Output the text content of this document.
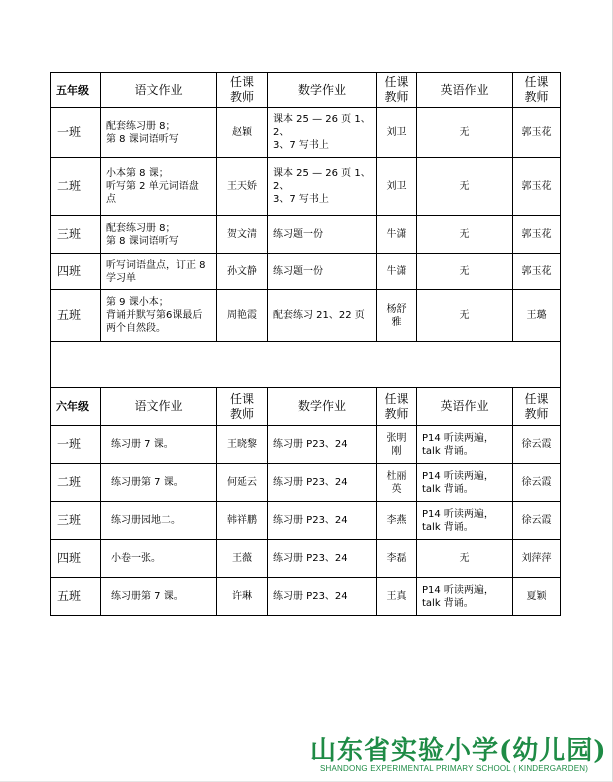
五年级	语文作业	任课
教师	数学作业	任课
教师	英语作业	任课
教师
一班	配套练习册 8；
第 8 课词语听写	赵颖	课本 25 — 26 页 1、2、
3、7 写书上	刘卫	无	郭玉花
二班	小本第 8 课；
听写第 2 单元词语盘
点	王天娇	课本 25 — 26 页 1、2、
3、7 写书上	刘卫	无	郭玉花
三班	配套练习册 8；
第 8 课词语听写	贺文清	练习题一份	牛潇	无	郭玉花
四班	听写词语盘点，订正 8
学习单	孙文静	练习题一份	牛潇	无	郭玉花
五班	第 9 课小本；
背诵并默写第6课最后
两个自然段。	周艳霞	配套练习 21、22 页	杨舒
雅	无	王璐

六年级	语文作业	任课
教师	数学作业	任课
教师	英语作业	任课
教师
一班	练习册 7 课。	王晓黎	练习册 P23、24	张明刚	P14 听读两遍，
talk 背诵。	徐云霞
二班	练习册第 7 课。	何延云	练习册 P23、24	杜丽英	P14 听读两遍，
talk 背诵。	徐云霞
三班	练习册园地二。	韩祥鹏	练习册 P23、24	李燕	P14 听读两遍，
talk 背诵。	徐云霞
四班	小卷一张。	王薇	练习册 P23、24	李磊	无	刘萍萍
五班	练习册第 7 课。	许琳	练习册 P23、24	王真	P14 听读两遍，
talk 背诵。	夏颖
山东省实验小学(幼儿园)
SHANDONG EXPERIMENTAL PRIMARY SCHOOL ( KINDERGARDEN)
